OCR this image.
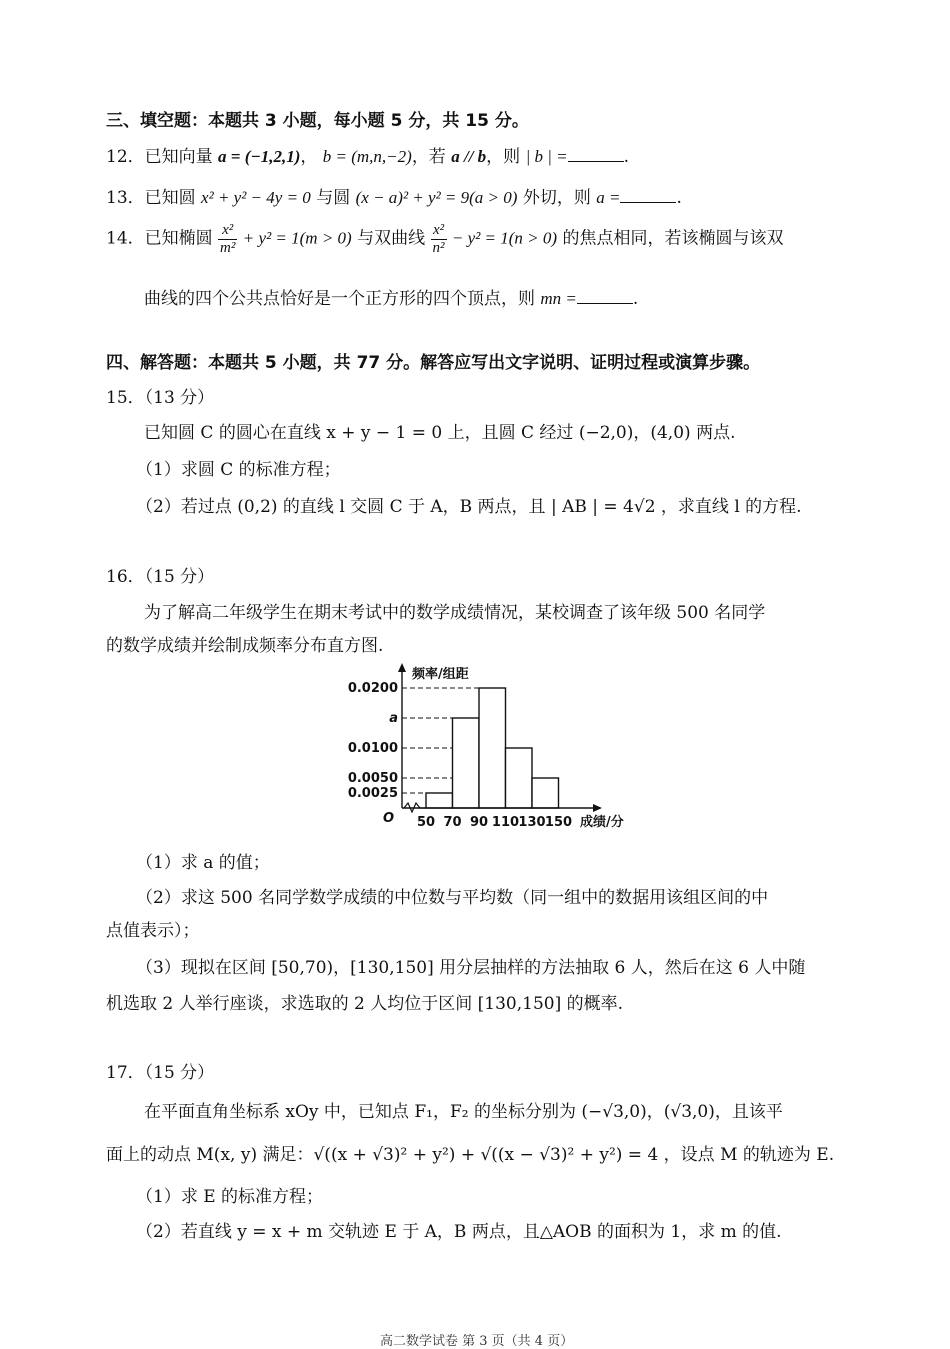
三、填空题：本题共 3 小题，每小题 5 分，共 15 分。
12．已知向量 a = (−1,2,1)， b = (m,n,−2)，若 a // b，则 | b | =	.
13．已知圆 x² + y² − 4y = 0 与圆 (x − a)² + y² = 9(a > 0) 外切，则 a =	.
14．已知椭圆 $\frac{\text{x²}}{\text{m²}} + y^2 = 1(m > 0)$ 与双曲线 $\frac{\text{x²}}{\text{n²}} - y^2 = 1(n > 0)$ 的焦点相同，若该椭圆与该双
曲线的四个公共点恰好是一个正方形的四个顶点，则 mn =	.
四、解答题：本题共 5 小题，共 77 分。解答应写出文字说明、证明过程或演算步骤。
15．（13 分）
已知圆 C 的圆心在直线 x + y − 1 = 0 上，且圆 C 经过 (−2,0)，(4,0) 两点.
（1）求圆 C 的标准方程；
（2）若过点 (0,2) 的直线 l 交圆 C 于 A，B 两点，且 | AB | = 4√2 ，求直线 l 的方程.
16．（15 分）
为了解高二年级学生在期末考试中的数学成绩情况，某校调查了该年级 500 名同学
的数学成绩并绘制成频率分布直方图.
0.0200
a
0.0100
0.0050
0.0025
50 70 90 110 130 150
O
频率/组距
成绩/分
（1）求 a 的值；
（2）求这 500 名同学数学成绩的中位数与平均数（同一组中的数据用该组区间的中
点值表示）；
（3）现拟在区间 [50,70)，[130,150] 用分层抽样的方法抽取 6 人，然后在这 6 人中随
机选取 2 人举行座谈，求选取的 2 人均位于区间 [130,150] 的概率.
17．（15 分）
在平面直角坐标系 xOy 中，已知点 F₁，F₂ 的坐标分别为 (−√3,0)，(√3,0)，且该平
面上的动点 M(x, y) 满足：√((x + √3)² + y²) + √((x − √3)² + y²) = 4 ，设点 M 的轨迹为 E.
（1）求 E 的标准方程；
（2）若直线 y = x + m 交轨迹 E 于 A，B 两点，且△AOB 的面积为 1，求 m 的值.
高二数学试卷 第 3 页（共 4 页）
